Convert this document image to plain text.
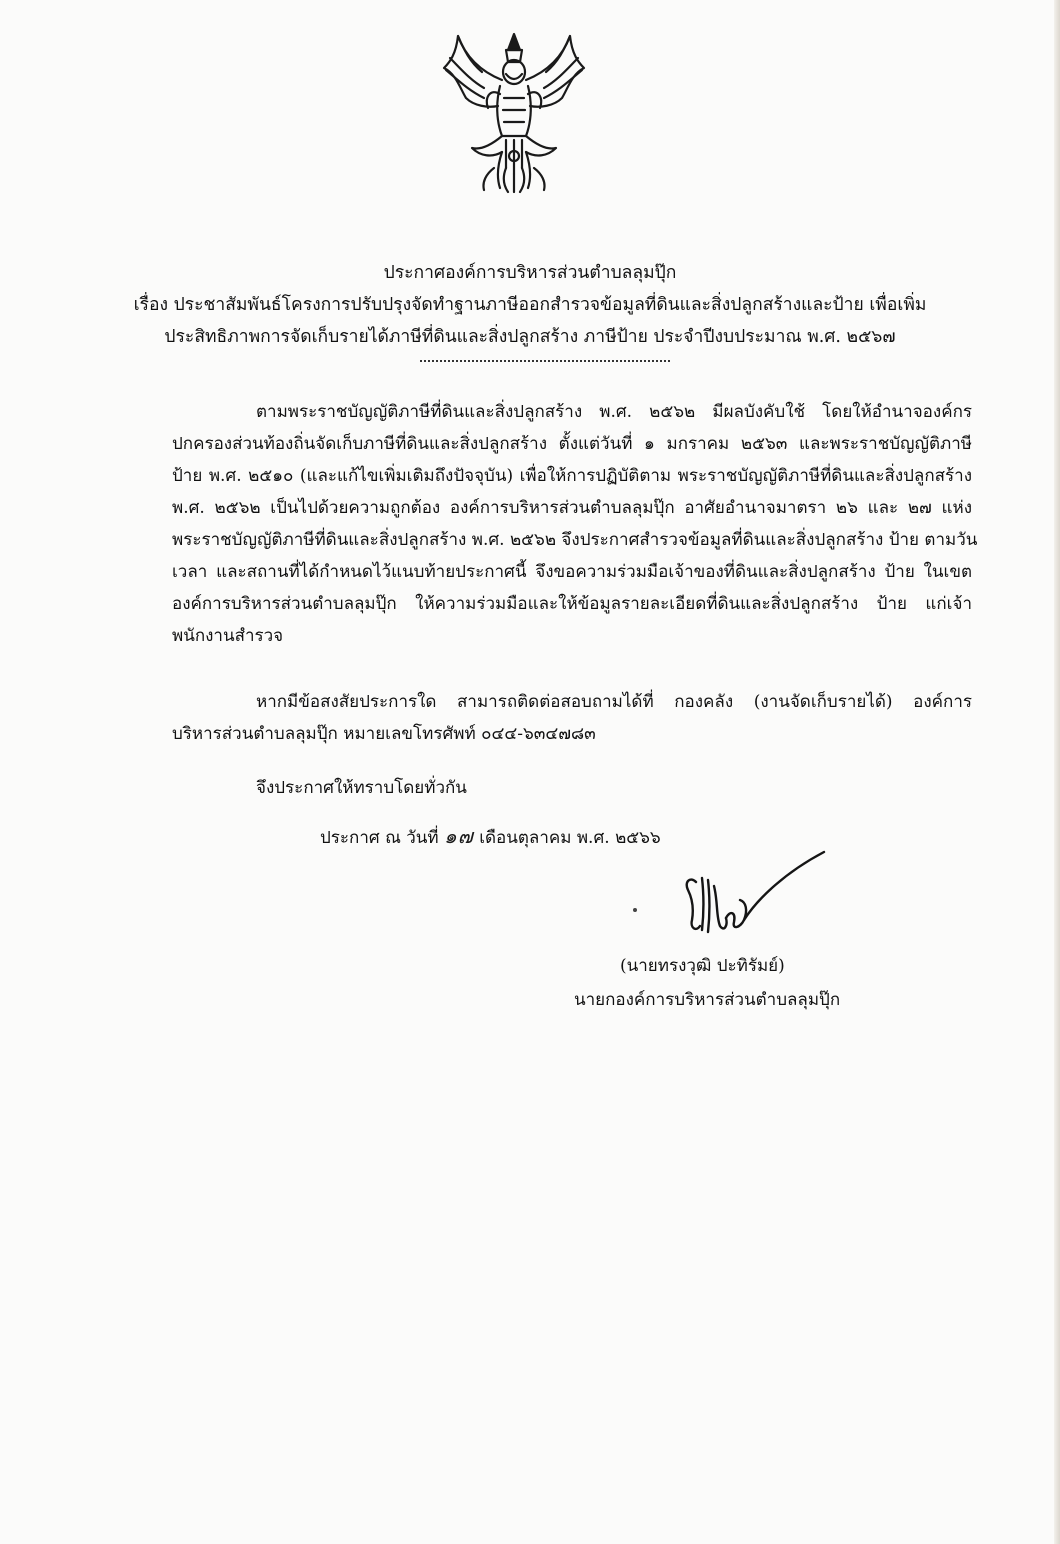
ประกาศองค์การบริหารส่วนตำบลลุมปุ๊ก
เรื่อง ประชาสัมพันธ์โครงการปรับปรุงจัดทำฐานภาษีออกสำรวจข้อมูลที่ดินและสิ่งปลูกสร้างและป้าย เพื่อเพิ่ม
ประสิทธิภาพการจัดเก็บรายได้ภาษีที่ดินและสิ่งปลูกสร้าง ภาษีป้าย ประจำปีงบประมาณ พ.ศ. ๒๕๖๗
ตามพระราชบัญญัติภาษีที่ดินและสิ่งปลูกสร้าง พ.ศ. ๒๕๖๒ มีผลบังคับใช้ โดยให้อำนาจองค์กร
ปกครองส่วนท้องถิ่นจัดเก็บภาษีที่ดินและสิ่งปลูกสร้าง ตั้งแต่วันที่ ๑ มกราคม ๒๕๖๓ และพระราชบัญญัติภาษี
ป้าย พ.ศ. ๒๕๑๐ (และแก้ไขเพิ่มเติมถึงปัจจุบัน) เพื่อให้การปฏิบัติตาม พระราชบัญญัติภาษีที่ดินและสิ่งปลูกสร้าง
พ.ศ. ๒๕๖๒ เป็นไปด้วยความถูกต้อง องค์การบริหารส่วนตำบลลุมปุ๊ก อาศัยอำนาจมาตรา ๒๖ และ ๒๗ แห่ง
พระราชบัญญัติภาษีที่ดินและสิ่งปลูกสร้าง พ.ศ. ๒๕๖๒ จึงประกาศสำรวจข้อมูลที่ดินและสิ่งปลูกสร้าง ป้าย ตามวัน
เวลา และสถานที่ได้กำหนดไว้แนบท้ายประกาศนี้ จึงขอความร่วมมือเจ้าของที่ดินและสิ่งปลูกสร้าง ป้าย ในเขต
องค์การบริหารส่วนตำบลลุมปุ๊ก ให้ความร่วมมือและให้ข้อมูลรายละเอียดที่ดินและสิ่งปลูกสร้าง ป้าย แก่เจ้า
พนักงานสำรวจ
หากมีข้อสงสัยประการใด สามารถติดต่อสอบถามได้ที่ กองคลัง (งานจัดเก็บรายได้) องค์การ
บริหารส่วนตำบลลุมปุ๊ก หมายเลขโทรศัพท์ ๐๔๔-๖๓๔๗๘๓
จึงประกาศให้ทราบโดยทั่วกัน
ประกาศ ณ วันที่ ๑๗ เดือนตุลาคม พ.ศ. ๒๕๖๖
(นายทรงวุฒิ ปะทิรัมย์)
นายกองค์การบริหารส่วนตำบลลุมปุ๊ก
